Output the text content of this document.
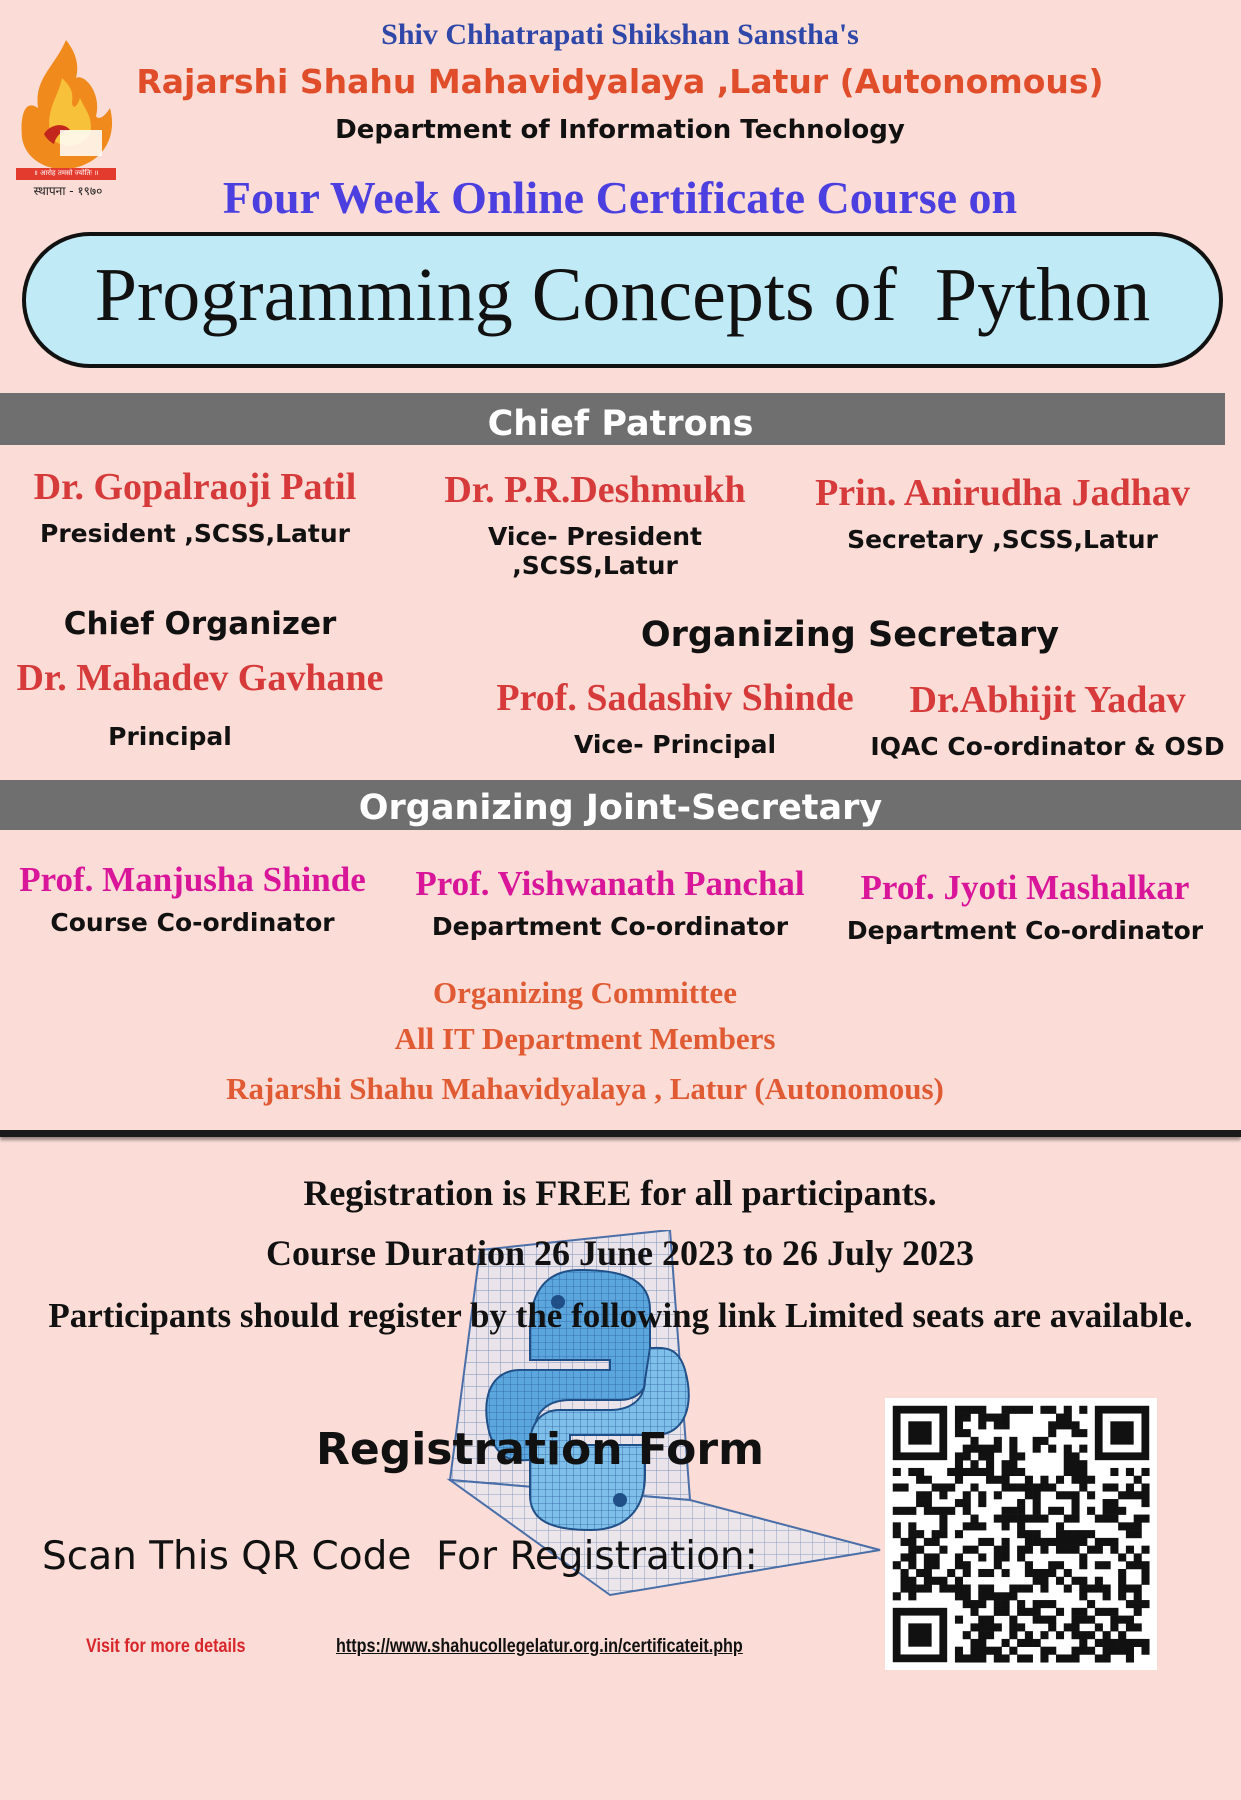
॥ आरोह तमसो ज्योतिः ॥
स्थापना - १९७०
Shiv Chhatrapati Shikshan Sanstha's
Rajarshi Shahu Mahavidyalaya ,Latur (Autonomous)
Department of Information Technology
Four Week Online Certificate Course on
Programming Concepts of  Python
Chief Patrons
Dr. Gopalraoji Patil
President ,SCSS,Latur
Dr. P.R.Deshmukh
Vice- President ,SCSS,Latur
Prin. Anirudha Jadhav
Secretary ,SCSS,Latur
Chief Organizer
Dr. Mahadev Gavhane
Principal
Organizing Secretary
Prof. Sadashiv Shinde
Vice- Principal
Dr.Abhijit Yadav
IQAC Co-ordinator & OSD
Organizing Joint-Secretary
Prof. Manjusha Shinde
Course Co-ordinator
Prof. Vishwanath Panchal
Department Co-ordinator
Prof. Jyoti Mashalkar
Department Co-ordinator
Organizing Committee
All IT Department Members
Rajarshi Shahu Mahavidyalaya , Latur (Autonomous)
Registration is FREE for all participants.
Course Duration 26 June 2023 to 26 July 2023
Participants should register by the following link Limited seats are available.
Registration Form
Scan This QR Code  For Registration:
Visit for more details	https://www.shahucollegelatur.org.in/certificateit.php
